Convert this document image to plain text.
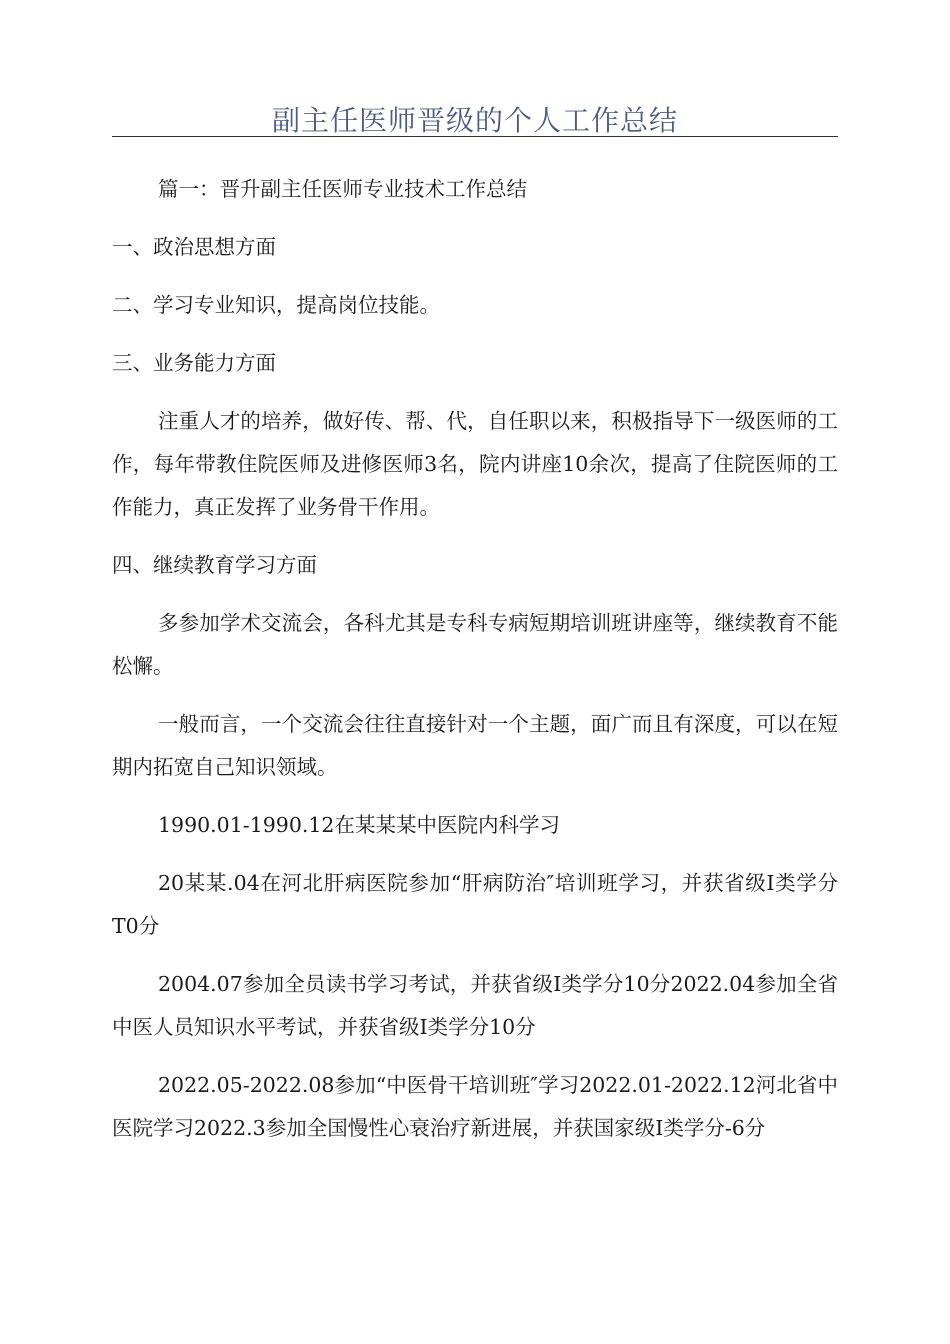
副主任医师晋级的个人工作总结

篇一：晋升副主任医师专业技术工作总结

一、政治思想方面

二、学习专业知识，提高岗位技能。

三、业务能力方面

注重人才的培养，做好传、帮、代，自任职以来，积极指导下一级医师的工作，每年带教住院医师及进修医师3名，院内讲座10余次，提高了住院医师的工作能力，真正发挥了业务骨干作用。

四、继续教育学习方面

多参加学术交流会，各科尤其是专科专病短期培训班讲座等，继续教育不能松懈。

一般而言，一个交流会往往直接针对一个主题，面广而且有深度，可以在短期内拓宽自己知识领域。

1990.01-1990.12在某某某中医院内科学习

20某某.04在河北肝病医院参加“肝病防治″培训班学习，并获省级Ⅰ类学分T0分

2004.07参加全员读书学习考试，并获省级Ⅰ类学分10分2022.04参加全省中医人员知识水平考试，并获省级Ⅰ类学分10分

2022.05-2022.08参加“中医骨干培训班″学习2022.01-2022.12河北省中医院学习2022.3参加全国慢性心衰治疗新进展，并获国家级Ⅰ类学分-6分
